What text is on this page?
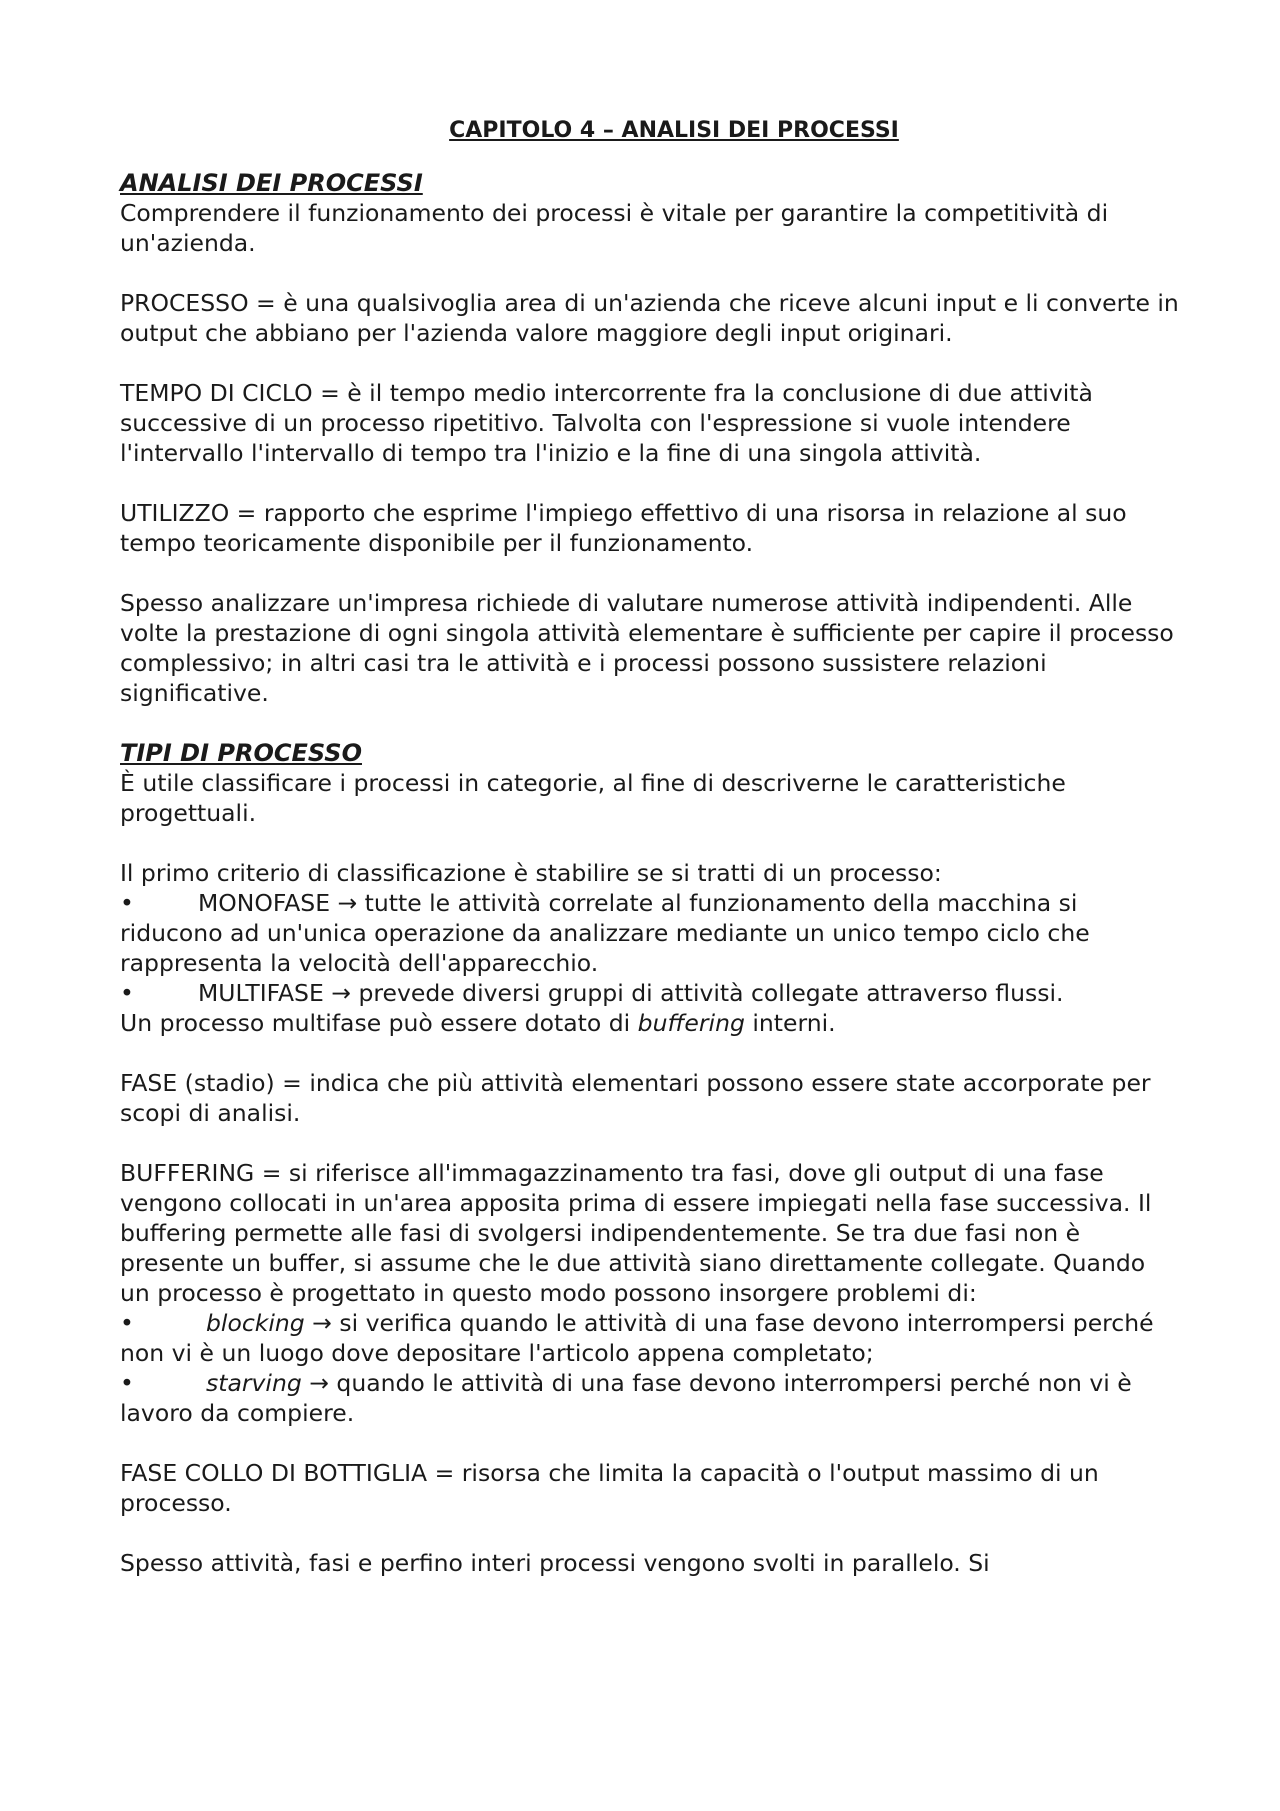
CAPITOLO 4 – ANALISI DEI PROCESSI
ANALISI DEI PROCESSI

Comprendere il funzionamento dei processi è vitale per garantire la competitività di un'azienda.

PROCESSO = è una qualsivoglia area di un'azienda che riceve alcuni input e li converte in output che abbiano per l'azienda valore maggiore degli input originari.

TEMPO DI CICLO = è il tempo medio intercorrente fra la conclusione di due attività successive di un processo ripetitivo. Talvolta con l'espressione si vuole intendere l'intervallo l'intervallo di tempo tra l'inizio e la fine di una singola attività.

UTILIZZO = rapporto che esprime l'impiego effettivo di una risorsa in relazione al suo tempo teoricamente disponibile per il funzionamento.

Spesso analizzare un'impresa richiede di valutare numerose attività indipendenti. Alle volte la prestazione di ogni singola attività elementare è sufficiente per capire il processo complessivo; in altri casi tra le attività e i processi possono sussistere relazioni significative.

TIPI DI PROCESSO

È utile classificare i processi in categorie, al fine di descriverne le caratteristiche progettuali.

Il primo criterio di classificazione è stabilire se si tratti di un processo:

•	MONOFASE → tutte le attività correlate al funzionamento della macchina si riducono ad un'unica operazione da analizzare mediante un unico tempo ciclo che rappresenta la velocità dell'apparecchio.
•	MULTIFASE → prevede diversi gruppi di attività collegate attraverso flussi.

Un processo multifase può essere dotato di buffering interni.

FASE (stadio) = indica che più attività elementari possono essere state accorporate per scopi di analisi.

BUFFERING = si riferisce all'immagazzinamento tra fasi, dove gli output di una fase vengono collocati in un'area apposita prima di essere impiegati nella fase successiva. Il buffering permette alle fasi di svolgersi indipendentemente. Se tra due fasi non è presente un buffer, si assume che le due attività siano direttamente collegate. Quando un processo è progettato in questo modo possono insorgere problemi di:

•	blocking → si verifica quando le attività di una fase devono interrompersi perché non vi è un luogo dove depositare l'articolo appena completato;
•	starving → quando le attività di una fase devono interrompersi perché non vi è lavoro da compiere.

FASE COLLO DI BOTTIGLIA = risorsa che limita la capacità o l'output massimo di un processo.

Spesso attività, fasi e perfino interi processi vengono svolti in parallelo. Si
